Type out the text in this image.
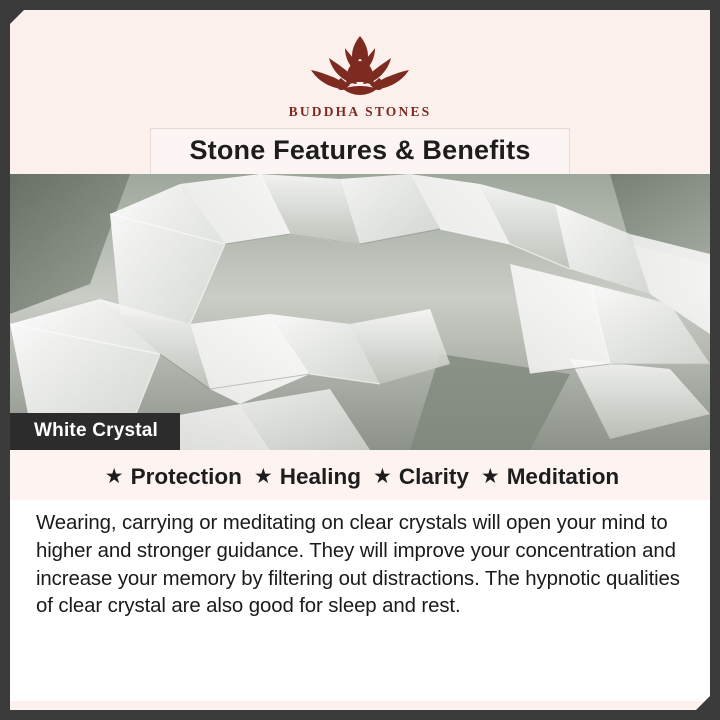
BUDDHA STONES
Stone Features & Benefits
White Crystal
★ Protection ★ Healing ★ Clarity ★ Meditation
Wearing, carrying or meditating on clear crystals will open your mind to higher and stronger guidance. They will improve your concentration and increase your memory by filtering out distractions. The hypnotic qualities of clear crystal are also good for sleep and rest.
